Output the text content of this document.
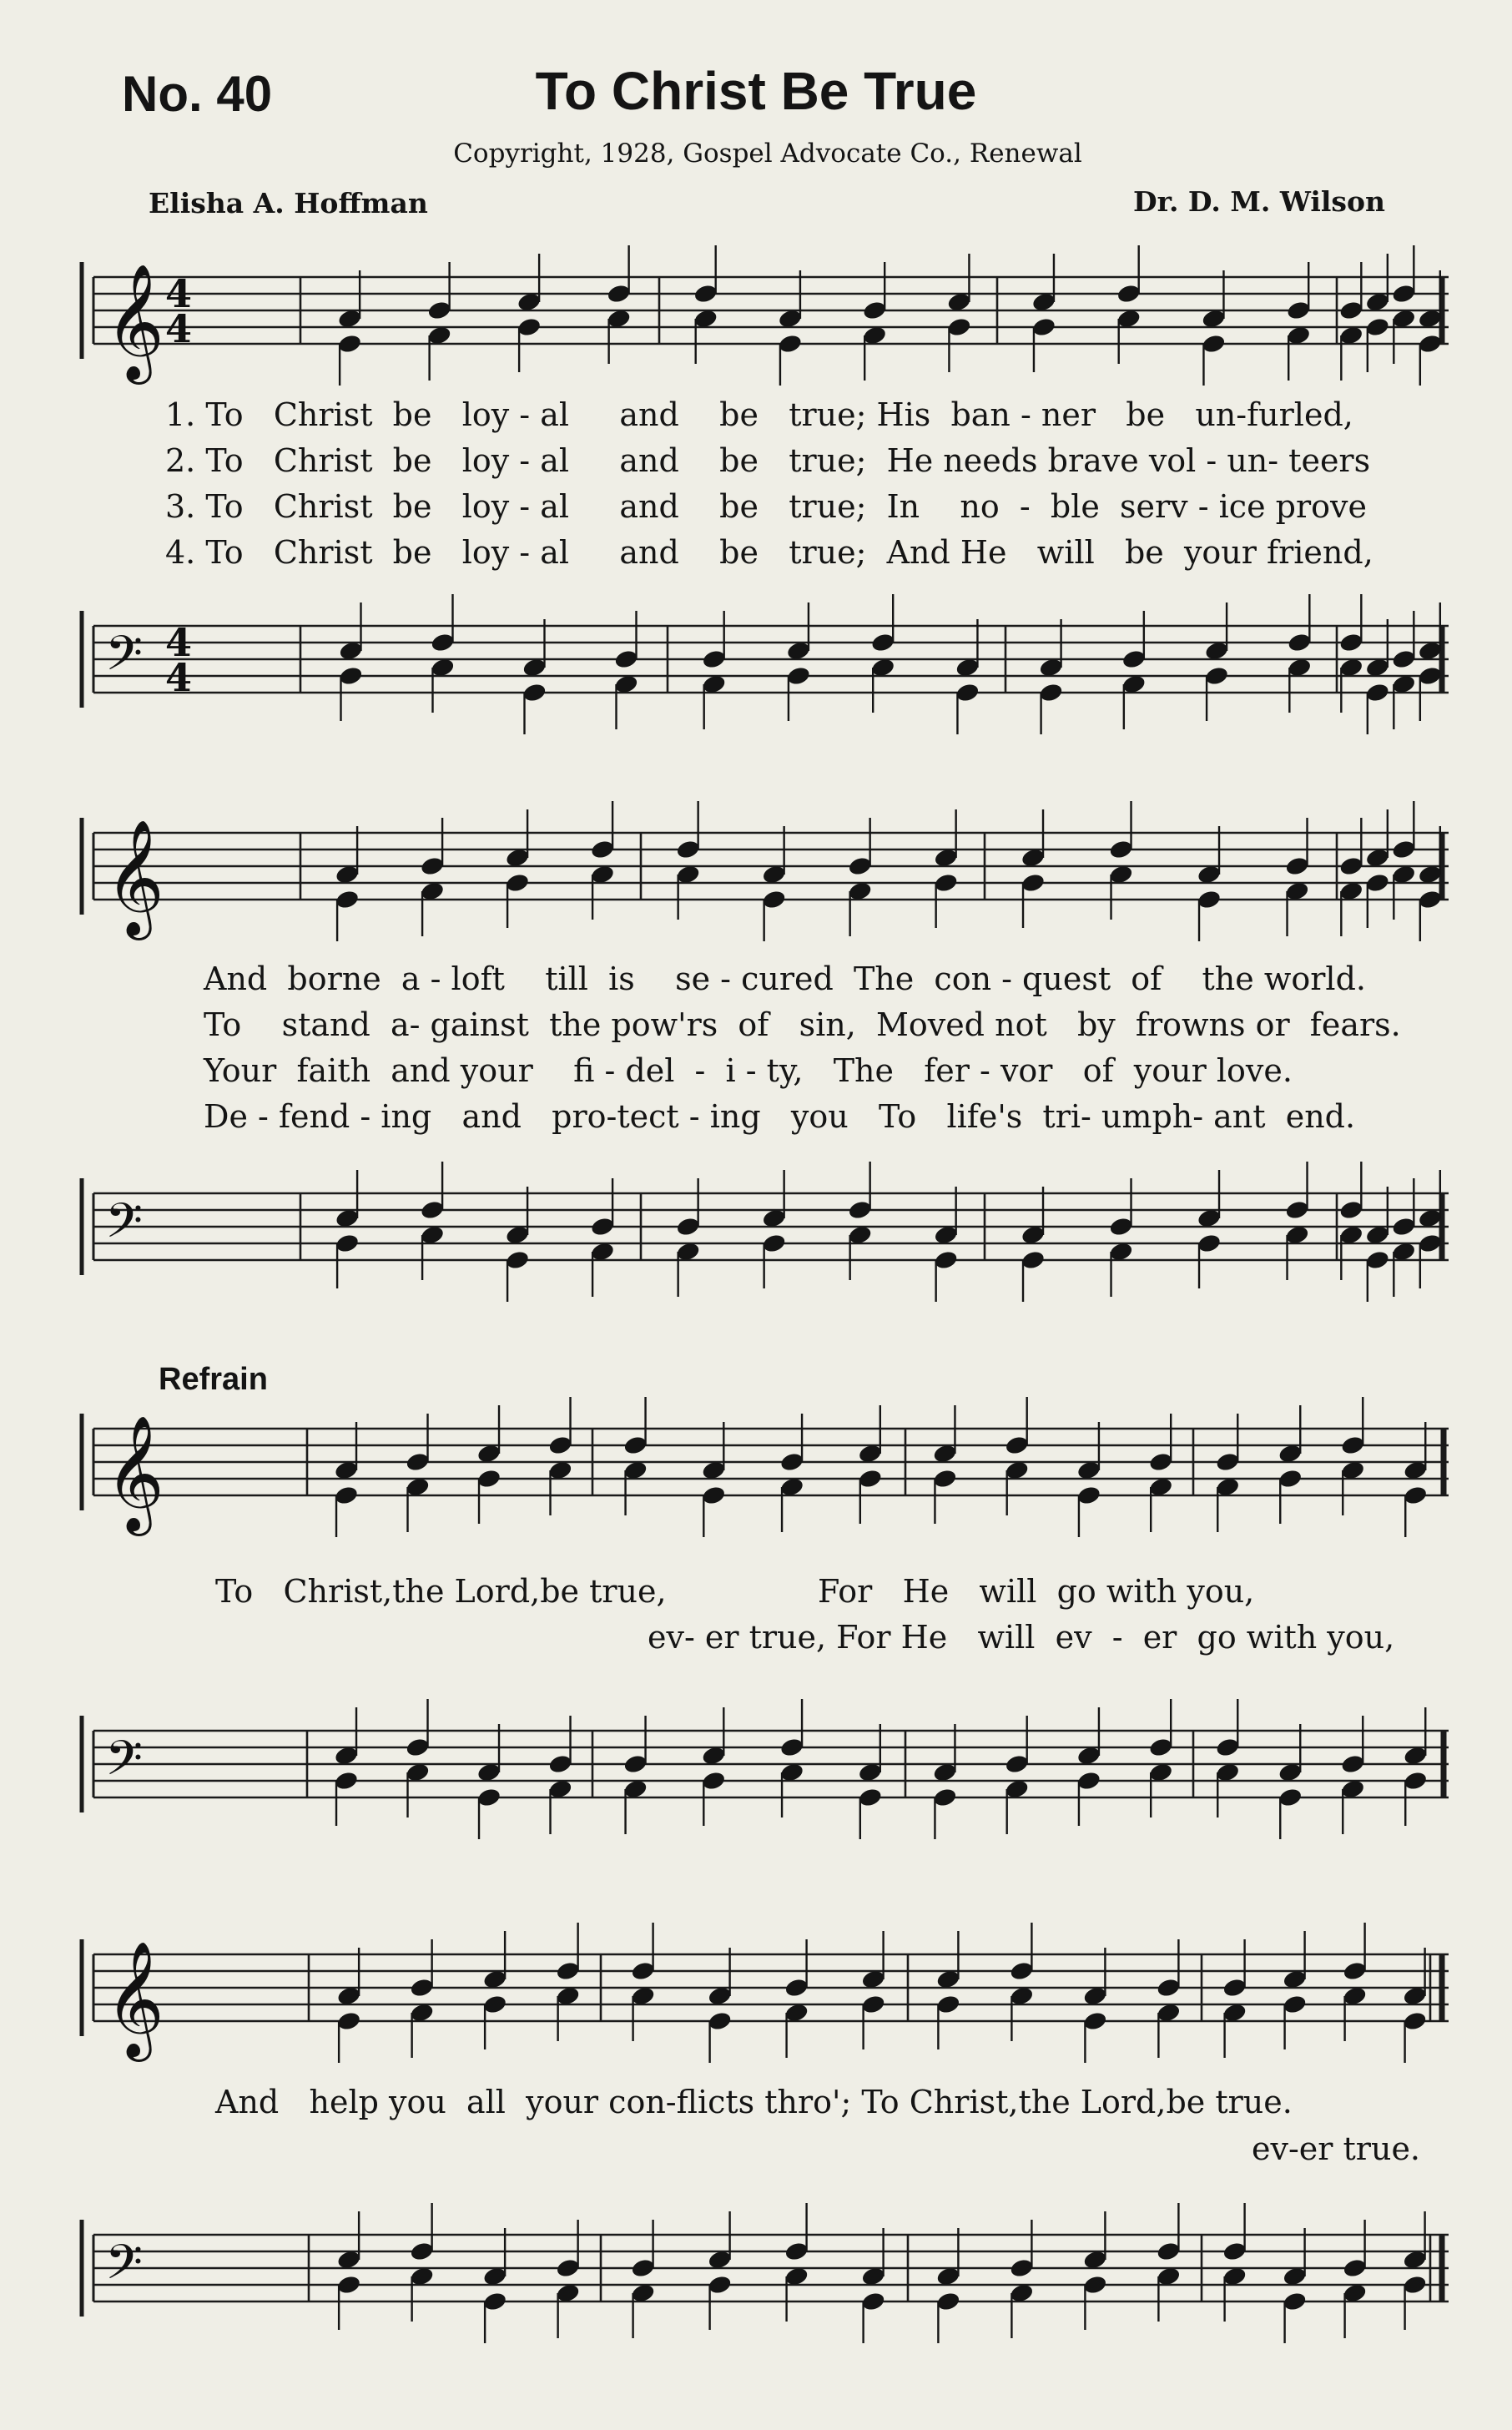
No. 40	To Christ Be True
Copyright, 1928, Gospel Advocate Co., Renewal
Elisha A. Hoffman	Dr. D. M. Wilson
𝄞 4
4
𝄢 4
4
𝄞
𝄢
𝄞
𝄢
𝄞
𝄢
1. To   Christ  be   loy - al     and    be   true; His  ban - ner   be   un-furled,
2. To   Christ  be   loy - al     and    be   true;  He needs brave vol - un- teers
3. To   Christ  be   loy - al     and    be   true;  In    no  -  ble  serv - ice prove
4. To   Christ  be   loy - al     and    be   true;  And He   will   be  your friend,
And  borne  a - loft    till  is    se - cured  The  con - quest  of    the world.
To    stand  a- gainst  the pow'rs  of   sin,  Moved not   by  frowns or  fears.
Your  faith  and your    fi - del  -  i - ty,   The   fer - vor   of  your love.
De - fend - ing   and   pro-tect - ing   you   To   life's  tri- umph- ant  end.
Refrain
To   Christ,the Lord,be true,	For   He   will  go with you,
ev- er true, For He   will  ev  -  er  go with you,
And   help you  all  your con-flicts thro'; To Christ,the Lord,be true.
ev-er true.
